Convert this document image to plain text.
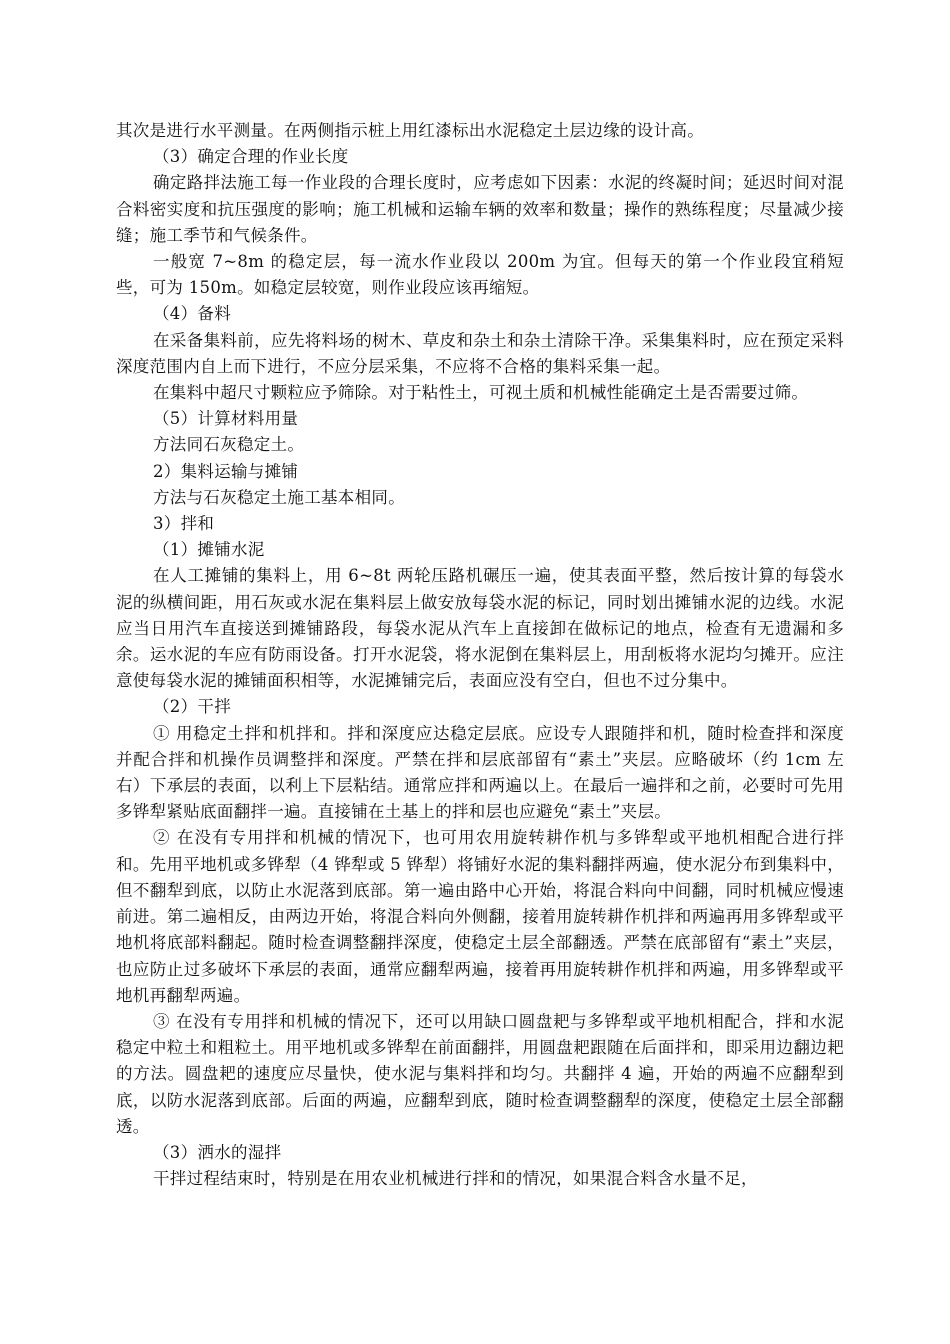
其次是进行水平测量。在两侧指示桩上用红漆标出水泥稳定土层边缘的设计高。

（3）确定合理的作业长度

确定路拌法施工每一作业段的合理长度时，应考虑如下因素：水泥的终凝时间；延迟时间对混合料密实度和抗压强度的影响；施工机械和运输车辆的效率和数量；操作的熟练程度；尽量减少接缝；施工季节和气候条件。

一般宽 7~8m 的稳定层，每一流水作业段以 200m 为宜。但每天的第一个作业段宜稍短些，可为 150m。如稳定层较宽，则作业段应该再缩短。

（4）备料

在采备集料前，应先将料场的树木、草皮和杂土和杂土清除干净。采集集料时，应在预定采料深度范围内自上而下进行，不应分层采集，不应将不合格的集料采集一起。

在集料中超尺寸颗粒应予筛除。对于粘性土，可视土质和机械性能确定土是否需要过筛。

（5）计算材料用量

方法同石灰稳定土。

2）集料运输与摊铺

方法与石灰稳定土施工基本相同。

3）拌和

（1）摊铺水泥

在人工摊铺的集料上，用 6~8t 两轮压路机碾压一遍，使其表面平整，然后按计算的每袋水泥的纵横间距，用石灰或水泥在集料层上做安放每袋水泥的标记，同时划出摊铺水泥的边线。水泥应当日用汽车直接送到摊铺路段，每袋水泥从汽车上直接卸在做标记的地点，检查有无遗漏和多余。运水泥的车应有防雨设备。打开水泥袋，将水泥倒在集料层上，用刮板将水泥均匀摊开。应注意使每袋水泥的摊铺面积相等，水泥摊铺完后，表面应没有空白，但也不过分集中。

（2）干拌

① 用稳定土拌和机拌和。拌和深度应达稳定层底。应设专人跟随拌和机，随时检查拌和深度并配合拌和机操作员调整拌和深度。严禁在拌和层底部留有“素土”夹层。应略破坏（约 1cm 左右）下承层的表面，以利上下层粘结。通常应拌和两遍以上。在最后一遍拌和之前，必要时可先用多铧犁紧贴底面翻拌一遍。直接铺在土基上的拌和层也应避免“素土”夹层。

② 在没有专用拌和机械的情况下，也可用农用旋转耕作机与多铧犁或平地机相配合进行拌和。先用平地机或多铧犁（4 铧犁或 5 铧犁）将铺好水泥的集料翻拌两遍，使水泥分布到集料中，但不翻犁到底，以防止水泥落到底部。第一遍由路中心开始，将混合料向中间翻，同时机械应慢速前进。第二遍相反，由两边开始，将混合料向外侧翻，接着用旋转耕作机拌和两遍再用多铧犁或平地机将底部料翻起。随时检查调整翻拌深度，使稳定土层全部翻透。严禁在底部留有“素土”夹层，也应防止过多破坏下承层的表面，通常应翻犁两遍，接着再用旋转耕作机拌和两遍，用多铧犁或平地机再翻犁两遍。

③ 在没有专用拌和机械的情况下，还可以用缺口圆盘耙与多铧犁或平地机相配合，拌和水泥稳定中粒土和粗粒土。用平地机或多铧犁在前面翻拌，用圆盘耙跟随在后面拌和，即采用边翻边耙的方法。圆盘耙的速度应尽量快，使水泥与集料拌和均匀。共翻拌 4 遍，开始的两遍不应翻犁到底，以防水泥落到底部。后面的两遍，应翻犁到底，随时检查调整翻犁的深度，使稳定土层全部翻透。

（3）洒水的湿拌

干拌过程结束时，特别是在用农业机械进行拌和的情况，如果混合料含水量不足，
